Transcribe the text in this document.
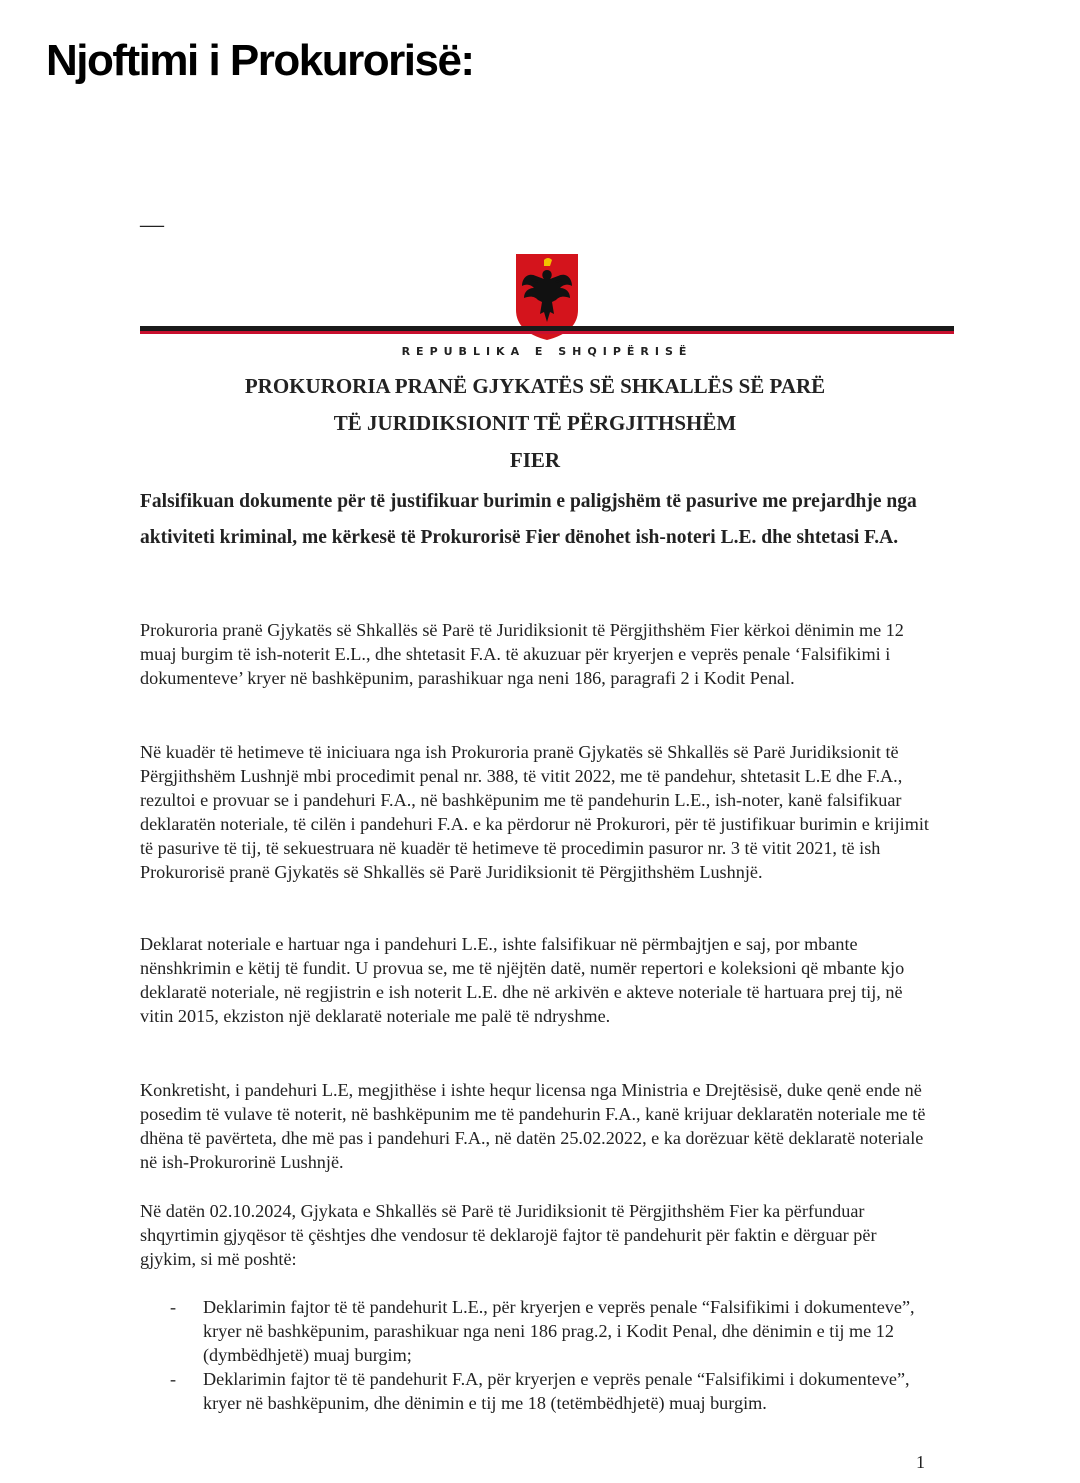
Njoftimi i Prokurorisë:
—
REPUBLIKA E SHQIPËRISË
PROKURORIA PRANË GJYKATËS SË SHKALLËS SË PARË
TË JURIDIKSIONIT TË PËRGJITHSHËM
FIER
Falsifikuan dokumente për të justifikuar burimin e paligjshëm të pasurive me prejardhje nga aktiviteti kriminal, me kërkesë të Prokurorisë Fier dënohet ish-noteri L.E. dhe shtetasi F.A.
Prokuroria pranë Gjykatës së Shkallës së Parë të Juridiksionit të Përgjithshëm Fier kërkoi dënimin me 12 muaj burgim të ish-noterit E.L., dhe shtetasit F.A. të akuzuar për kryerjen e veprës penale ‘Falsifikimi i dokumenteve’ kryer në bashkëpunim, parashikuar nga neni 186, paragrafi 2 i Kodit Penal.
Në kuadër të hetimeve të iniciuara nga ish Prokuroria pranë Gjykatës së Shkallës së Parë Juridiksionit të Përgjithshëm Lushnjë mbi procedimit penal nr. 388, të vitit 2022, me të pandehur, shtetasit L.E dhe F.A., rezultoi e provuar se i pandehuri F.A., në bashkëpunim me të pandehurin L.E., ish-noter, kanë falsifikuar deklaratën noteriale, të cilën i pandehuri F.A. e ka përdorur në Prokurori, për të justifikuar burimin e krijimit të pasurive të tij, të sekuestruara në kuadër të hetimeve të procedimin pasuror nr. 3 të vitit 2021, të ish Prokurorisë pranë Gjykatës së Shkallës së Parë Juridiksionit të Përgjithshëm Lushnjë.
Deklarat noteriale e hartuar nga i pandehuri L.E., ishte falsifikuar në përmbajtjen e saj, por mbante nënshkrimin e këtij të fundit. U provua se, me të njëjtën datë, numër repertori e koleksioni që mbante kjo deklaratë noteriale, në regjistrin e ish noterit L.E. dhe në arkivën e akteve noteriale të hartuara prej tij, në vitin 2015, ekziston një deklaratë noteriale me palë të ndryshme.
Konkretisht, i pandehuri L.E, megjithëse i ishte hequr licensa nga Ministria e Drejtësisë, duke qenë ende në posedim të vulave të noterit, në bashkëpunim me të pandehurin F.A., kanë krijuar deklaratën noteriale me të dhëna të pavërteta, dhe më pas i pandehuri F.A., në datën 25.02.2022, e ka dorëzuar këtë deklaratë noteriale në ish-Prokurorinë Lushnjë.
Në datën 02.10.2024, Gjykata e Shkallës së Parë të Juridiksionit të Përgjithshëm Fier ka përfunduar shqyrtimin gjyqësor të çështjes dhe vendosur të deklarojë fajtor të pandehurit për faktin e dërguar për gjykim, si më poshtë:
- Deklarimin fajtor të të pandehurit L.E., për kryerjen e veprës penale “Falsifikimi i dokumenteve”, kryer në bashkëpunim, parashikuar nga neni 186 prag.2, i Kodit Penal, dhe dënimin e tij me 12 (dymbëdhjetë) muaj burgim;
- Deklarimin fajtor të të pandehurit F.A, për kryerjen e veprës penale “Falsifikimi i dokumenteve”, kryer në bashkëpunim, dhe dënimin e tij me 18 (tetëmbëdhjetë) muaj burgim.
1
